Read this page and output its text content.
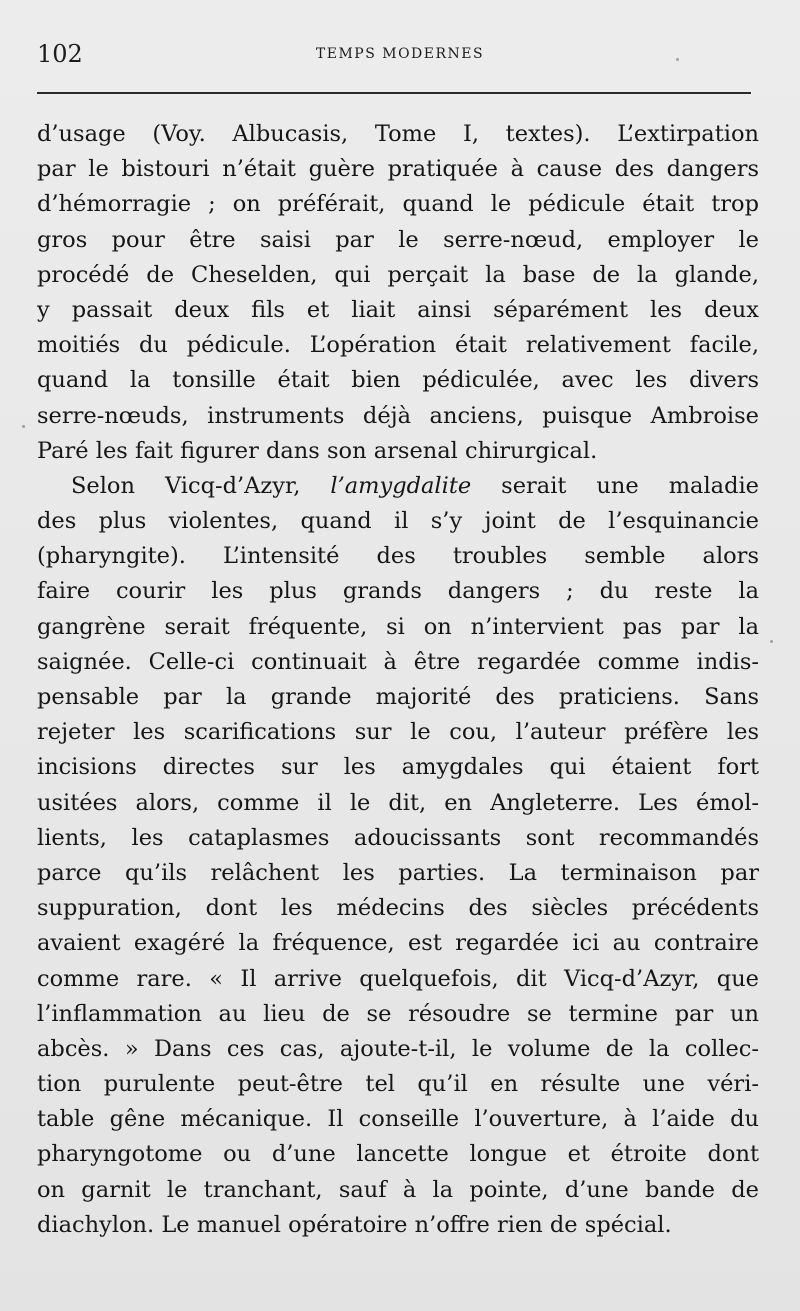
102	TEMPS MODERNES
d’usage (Voy. Albucasis, Tome I, textes). L’extirpation
par le bistouri n’était guère pratiquée à cause des dangers
d’hémorragie ; on préférait, quand le pédicule était trop
gros pour être saisi par le serre-nœud, employer le
procédé de Cheselden, qui perçait la base de la glande,
y passait deux fils et liait ainsi séparément les deux
moitiés du pédicule. L’opération était relativement facile,
quand la tonsille était bien pédiculée, avec les divers
serre-nœuds, instruments déjà anciens, puisque Ambroise
Paré les fait figurer dans son arsenal chirurgical.
Selon Vicq-d’Azyr, l’amygdalite serait une maladie
des plus violentes, quand il s’y joint de l’esquinancie
(pharyngite). L’intensité des troubles semble alors
faire courir les plus grands dangers ; du reste la
gangrène serait fréquente, si on n’intervient pas par la
saignée. Celle-ci continuait à être regardée comme indis-
pensable par la grande majorité des praticiens. Sans
rejeter les scarifications sur le cou, l’auteur préfère les
incisions directes sur les amygdales qui étaient fort
usitées alors, comme il le dit, en Angleterre. Les émol-
lients, les cataplasmes adoucissants sont recommandés
parce qu’ils relâchent les parties. La terminaison par
suppuration, dont les médecins des siècles précédents
avaient exagéré la fréquence, est regardée ici au contraire
comme rare. « Il arrive quelquefois, dit Vicq-d’Azyr, que
l’inflammation au lieu de se résoudre se termine par un
abcès. » Dans ces cas, ajoute-t-il, le volume de la collec-
tion purulente peut-être tel qu’il en résulte une véri-
table gêne mécanique. Il conseille l’ouverture, à l’aide du
pharyngotome ou d’une lancette longue et étroite dont
on garnit le tranchant, sauf à la pointe, d’une bande de
diachylon. Le manuel opératoire n’offre rien de spécial.
